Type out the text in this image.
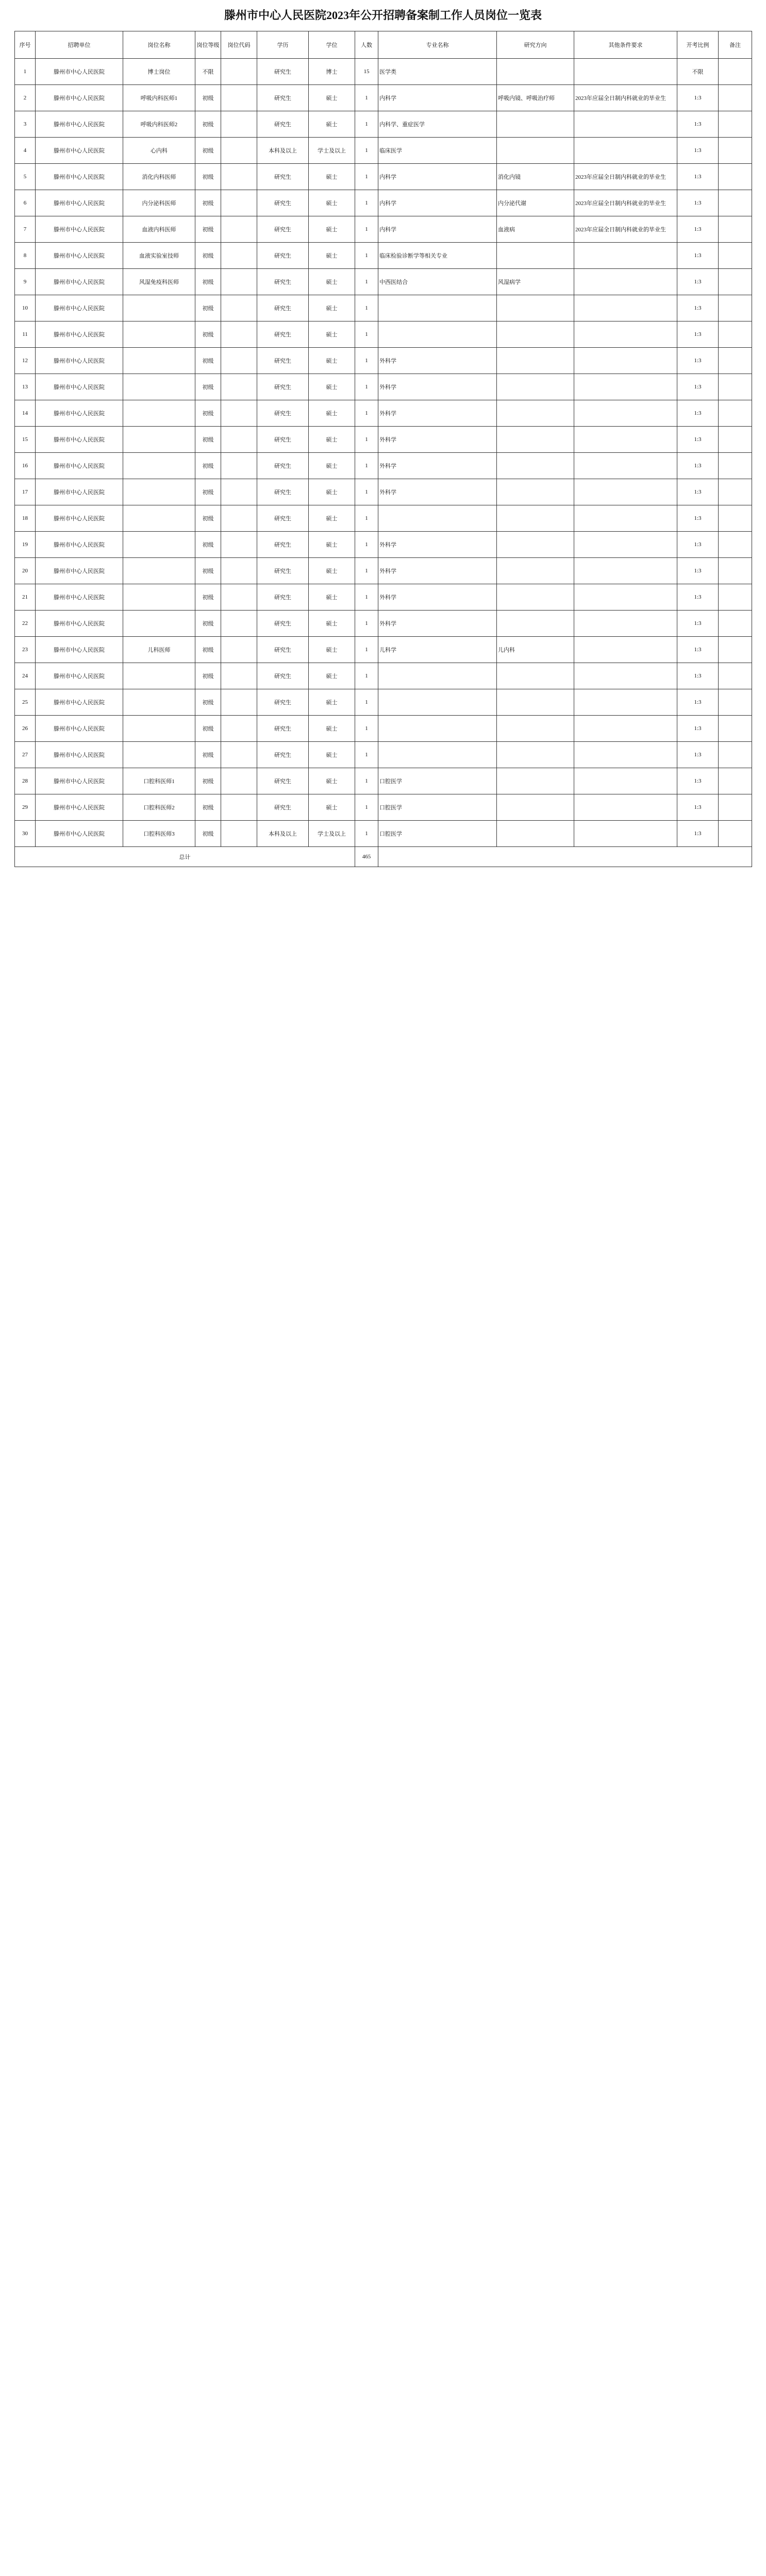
滕州市中心人民医院2023年公开招聘备案制工作人员岗位一览表
序号	招聘单位	岗位名称	岗位等级	岗位代码	学历	学位	人数	专业名称	研究方向	其他条件要求	开考比例	备注
1	滕州市中心人民医院	博士岗位	不限		研究生	博士	15	医学类			不限	
2	滕州市中心人民医院	呼吸内科医师1	初级		研究生	硕士	1	内科学	呼吸内镜、呼吸治疗师	2023年应届全日制内科就业的毕业生	1:3	
3	滕州市中心人民医院	呼吸内科医师2	初级		研究生	硕士	1	内科学、重症医学			1:3	
4	滕州市中心人民医院	心内科	初级		本科及以上	学士及以上	1	临床医学			1:3	
5	滕州市中心人民医院	消化内科医师	初级		研究生	硕士	1	内科学	消化内镜	2023年应届全日制内科就业的毕业生	1:3	
6	滕州市中心人民医院	内分泌科医师	初级		研究生	硕士	1	内科学	内分泌代谢	2023年应届全日制内科就业的毕业生	1:3	
7	滕州市中心人民医院	血液内科医师	初级		研究生	硕士	1	内科学	血液病	2023年应届全日制内科就业的毕业生	1:3	
8	滕州市中心人民医院	血液实验室技师	初级		研究生	硕士	1	临床检验诊断学等相关专业			1:3	
9	滕州市中心人民医院	风湿免疫科医师	初级		研究生	硕士	1	中西医结合	风湿病学		1:3	
10	滕州市中心人民医院		初级		研究生	硕士	1				1:3	
11	滕州市中心人民医院		初级		研究生	硕士	1				1:3	
12	滕州市中心人民医院		初级		研究生	硕士	1	外科学			1:3	
13	滕州市中心人民医院		初级		研究生	硕士	1	外科学			1:3	
14	滕州市中心人民医院		初级		研究生	硕士	1	外科学			1:3	
15	滕州市中心人民医院		初级		研究生	硕士	1	外科学			1:3	
16	滕州市中心人民医院		初级		研究生	硕士	1	外科学			1:3	
17	滕州市中心人民医院		初级		研究生	硕士	1	外科学			1:3	
18	滕州市中心人民医院		初级		研究生	硕士	1				1:3	
19	滕州市中心人民医院		初级		研究生	硕士	1	外科学			1:3	
20	滕州市中心人民医院		初级		研究生	硕士	1	外科学			1:3	
21	滕州市中心人民医院		初级		研究生	硕士	1	外科学			1:3	
22	滕州市中心人民医院		初级		研究生	硕士	1	外科学			1:3	
23	滕州市中心人民医院	儿科医师	初级		研究生	硕士	1	儿科学	儿内科		1:3	
24	滕州市中心人民医院		初级		研究生	硕士	1				1:3	
25	滕州市中心人民医院		初级		研究生	硕士	1				1:3	
26	滕州市中心人民医院		初级		研究生	硕士	1				1:3	
27	滕州市中心人民医院		初级		研究生	硕士	1				1:3	
28	滕州市中心人民医院	口腔科医师1	初级		研究生	硕士	1	口腔医学			1:3	
29	滕州市中心人民医院	口腔科医师2	初级		研究生	硕士	1	口腔医学			1:3	
30	滕州市中心人民医院	口腔科医师3	初级		本科及以上	学士及以上	1	口腔医学			1:3	
总计							465					
